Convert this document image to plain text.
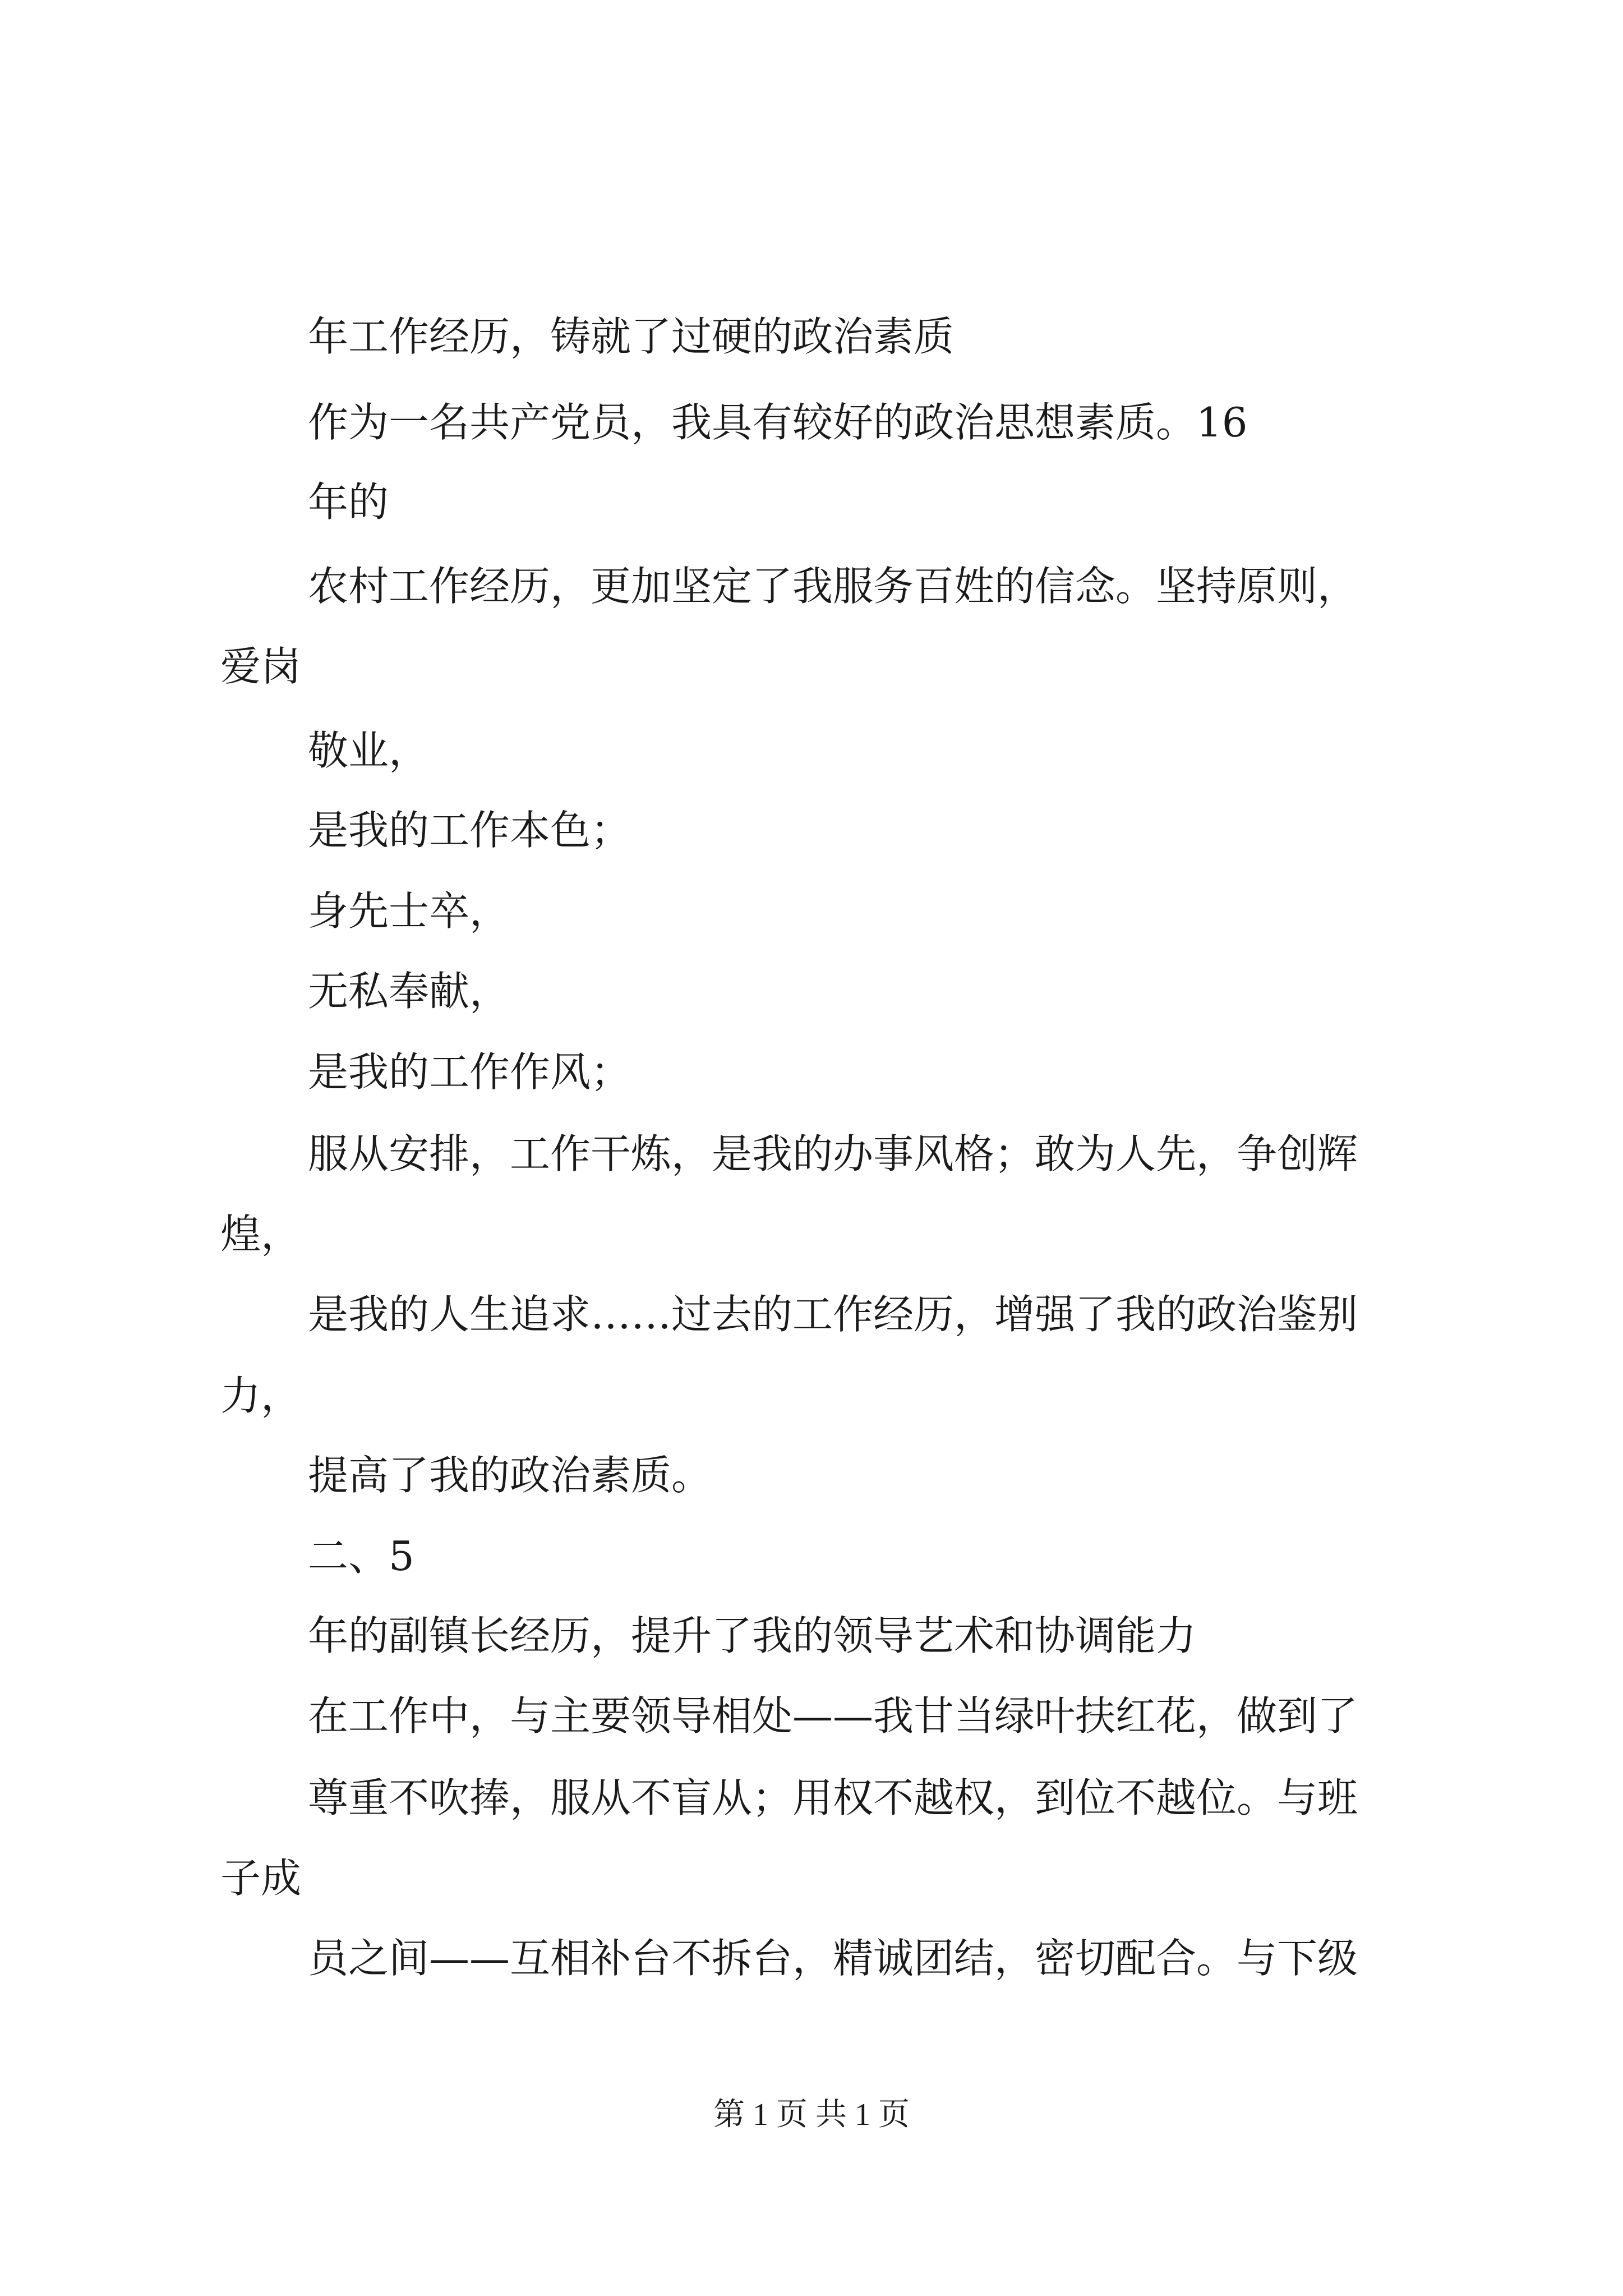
年工作经历，铸就了过硬的政治素质

作为一名共产党员，我具有较好的政治思想素质。16

年的

农村工作经历，更加坚定了我服务百姓的信念。坚持原则，

爱岗

敬业，

是我的工作本色；

身先士卒，

无私奉献，

是我的工作作风；

服从安排，工作干炼，是我的办事风格；敢为人先，争创辉

煌，

是我的人生追求……过去的工作经历，增强了我的政治鉴别

力，

提高了我的政治素质。

二、5

年的副镇长经历，提升了我的领导艺术和协调能力

在工作中，与主要领导相处——我甘当绿叶扶红花，做到了

尊重不吹捧，服从不盲从；用权不越权，到位不越位。与班

子成

员之间——互相补台不拆台，精诚团结，密切配合。与下级

第 1 页 共 1 页
